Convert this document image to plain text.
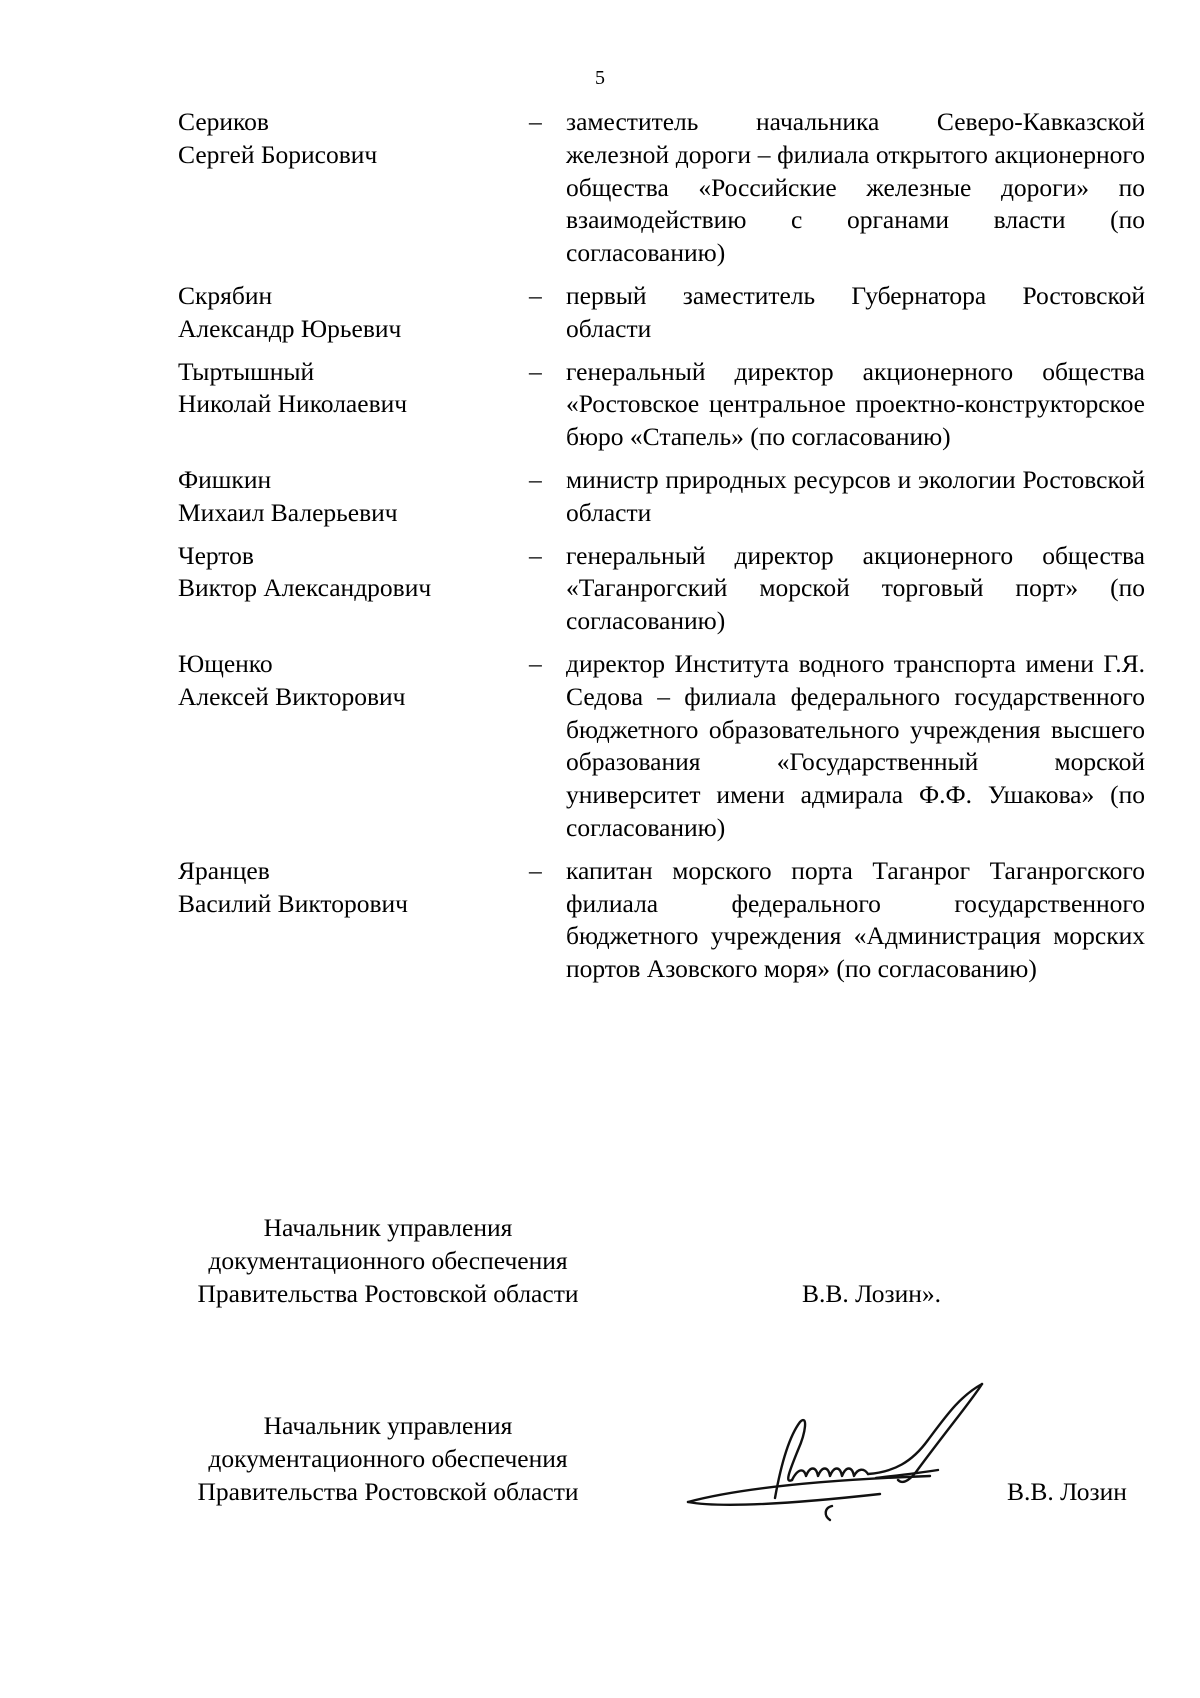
5
Сериков
Сергей Борисович
– заместитель начальника Северо-Кавказской железной дороги – филиала открытого акционерного общества «Российские железные дороги» по взаимодействию с органами власти (по согласованию)
Скрябин
Александр Юрьевич
– первый заместитель Губернатора Ростовской области
Тыртышный
Николай Николаевич
– генеральный директор акционерного общества «Ростовское центральное проектно-конструкторское бюро «Стапель» (по согласованию)
Фишкин
Михаил Валерьевич
– министр природных ресурсов и экологии Ростовской области
Чертов
Виктор Александрович
– генеральный директор акционерного общества «Таганрогский морской торговый порт» (по согласованию)
Ющенко
Алексей Викторович
– директор Института водного транспорта имени Г.Я. Седова – филиала федерального государственного бюджетного образовательного учреждения высшего образования «Государственный морской университет имени адмирала Ф.Ф. Ушакова» (по согласованию)
Яранцев
Василий Викторович
– капитан морского порта Таганрог Таганрогского филиала федерального государственного бюджетного учреждения «Администрация морских портов Азовского моря» (по согласованию)
Начальник управления
документационного обеспечения
Правительства Ростовской области	В.В. Лозин».
Начальник управления
документационного обеспечения
Правительства Ростовской области	В.В. Лозин
